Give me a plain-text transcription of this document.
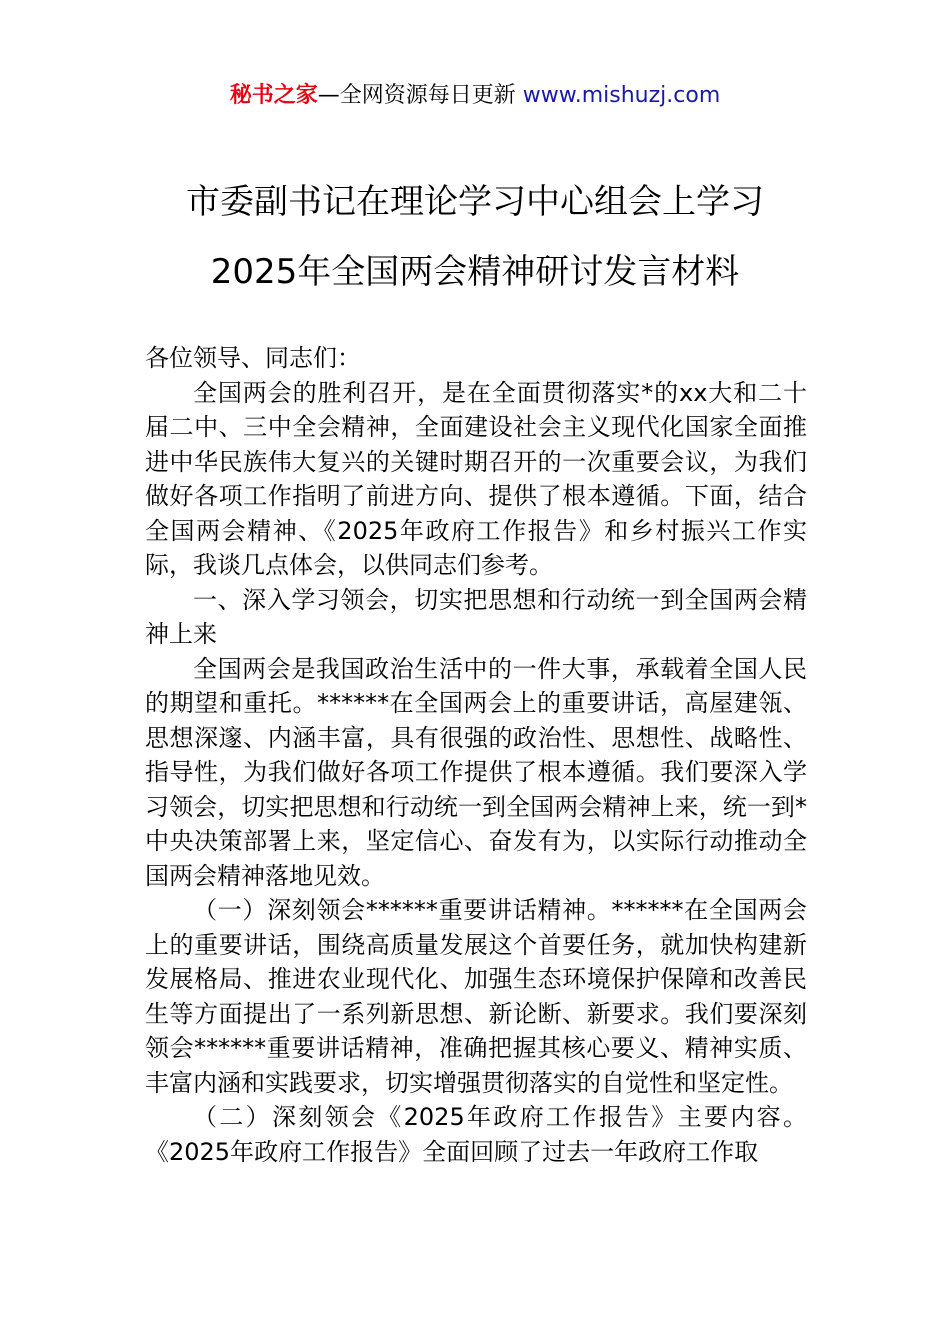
秘书之家—全网资源每日更新 www.mishuzj.com
市委副书记在理论学习中心组会上学习
2025年全国两会精神研讨发言材料

各位领导、同志们：

全国两会的胜利召开，是在全面贯彻落实*的xx大和二十届二中、三中全会精神，全面建设社会主义现代化国家全面推进中华民族伟大复兴的关键时期召开的一次重要会议，为我们做好各项工作指明了前进方向、提供了根本遵循。下面，结合全国两会精神、《2025年政府工作报告》和乡村振兴工作实际，我谈几点体会，以供同志们参考。

一、深入学习领会，切实把思想和行动统一到全国两会精神上来

全国两会是我国政治生活中的一件大事，承载着全国人民的期望和重托。******在全国两会上的重要讲话，高屋建瓴、思想深邃、内涵丰富，具有很强的政治性、思想性、战略性、指导性，为我们做好各项工作提供了根本遵循。我们要深入学习领会，切实把思想和行动统一到全国两会精神上来，统一到*中央决策部署上来，坚定信心、奋发有为，以实际行动推动全国两会精神落地见效。

（一）深刻领会******重要讲话精神。******在全国两会上的重要讲话，围绕高质量发展这个首要任务，就加快构建新发展格局、推进农业现代化、加强生态环境保护保障和改善民生等方面提出了一系列新思想、新论断、新要求。我们要深刻领会******重要讲话精神，准确把握其核心要义、精神实质、丰富内涵和实践要求，切实增强贯彻落实的自觉性和坚定性。

（二）深刻领会《2025年政府工作报告》主要内容。《2025年政府工作报告》全面回顾了过去一年政府工作取
